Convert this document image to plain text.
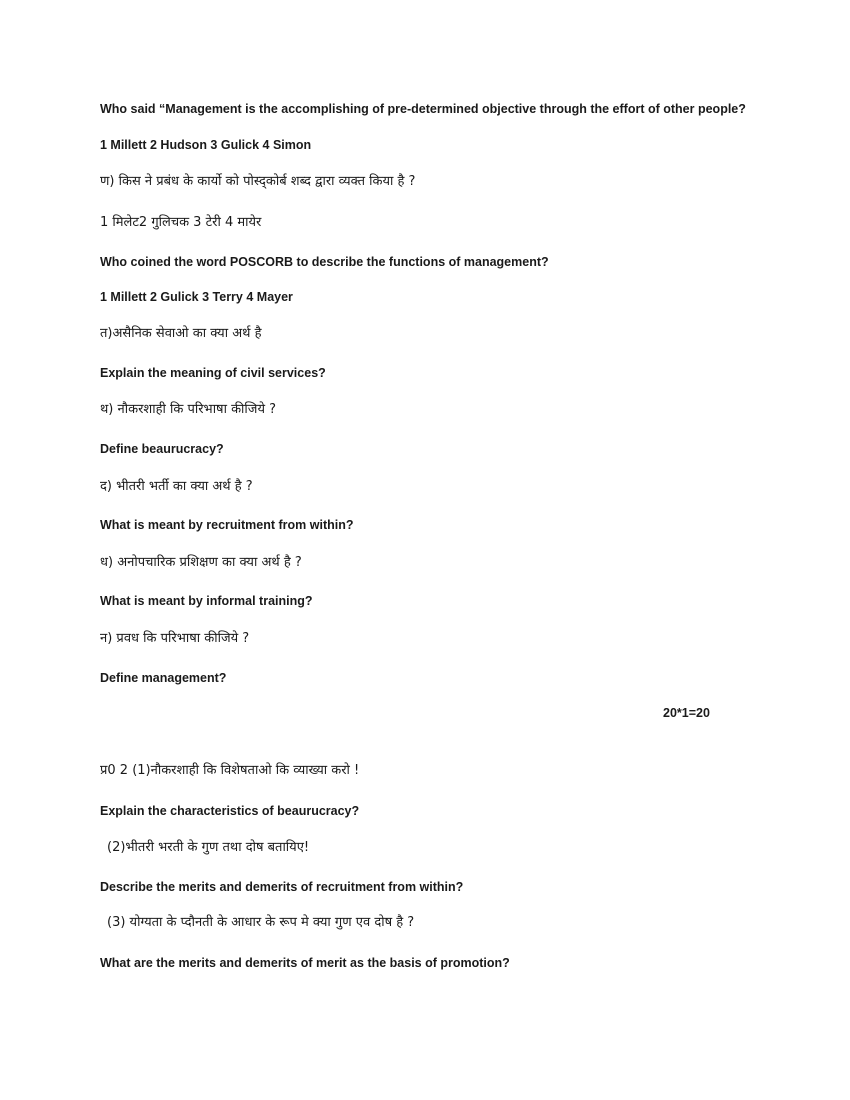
Who said “Management is the accomplishing of pre-determined objective through the effort of other people?
1 Millett 2 Hudson 3 Gulick 4 Simon
ण) किस ने प्रबंध के कार्यो को पोस्द्कोर्ब शब्द द्वारा व्यक्त किया है ?
1 मिलेट2 गुलिचक 3 टेरी 4 मायेर
Who coined the word POSCORB to describe the functions of management?
1 Millett 2 Gulick 3 Terry 4 Mayer
त)असैनिक सेवाओ का क्या अर्थ है
Explain the meaning of civil services?
थ) नौकरशाही कि परिभाषा कीजिये ?
Define beaurucracy?
द) भीतरी भर्ती का क्या अर्थ है ?
What is meant by recruitment from within?
ध) अनोपचारिक प्रशिक्षण का क्या अर्थ है ?
What is meant by informal training?
न) प्रवध कि परिभाषा कीजिये ?
Define management?
20*1=20
प्र0 2 (1)नौकरशाही कि विशेषताओ कि व्याख्या करो !
Explain the characteristics of beaurucracy?
(2)भीतरी भरती के गुण तथा दोष बतायिए!
Describe the merits and demerits of recruitment from within?
(3) योग्यता के प्दौनती के आधार के रूप मे क्या गुण एव दोष है ?
What are the merits and demerits of merit as the basis of promotion?
